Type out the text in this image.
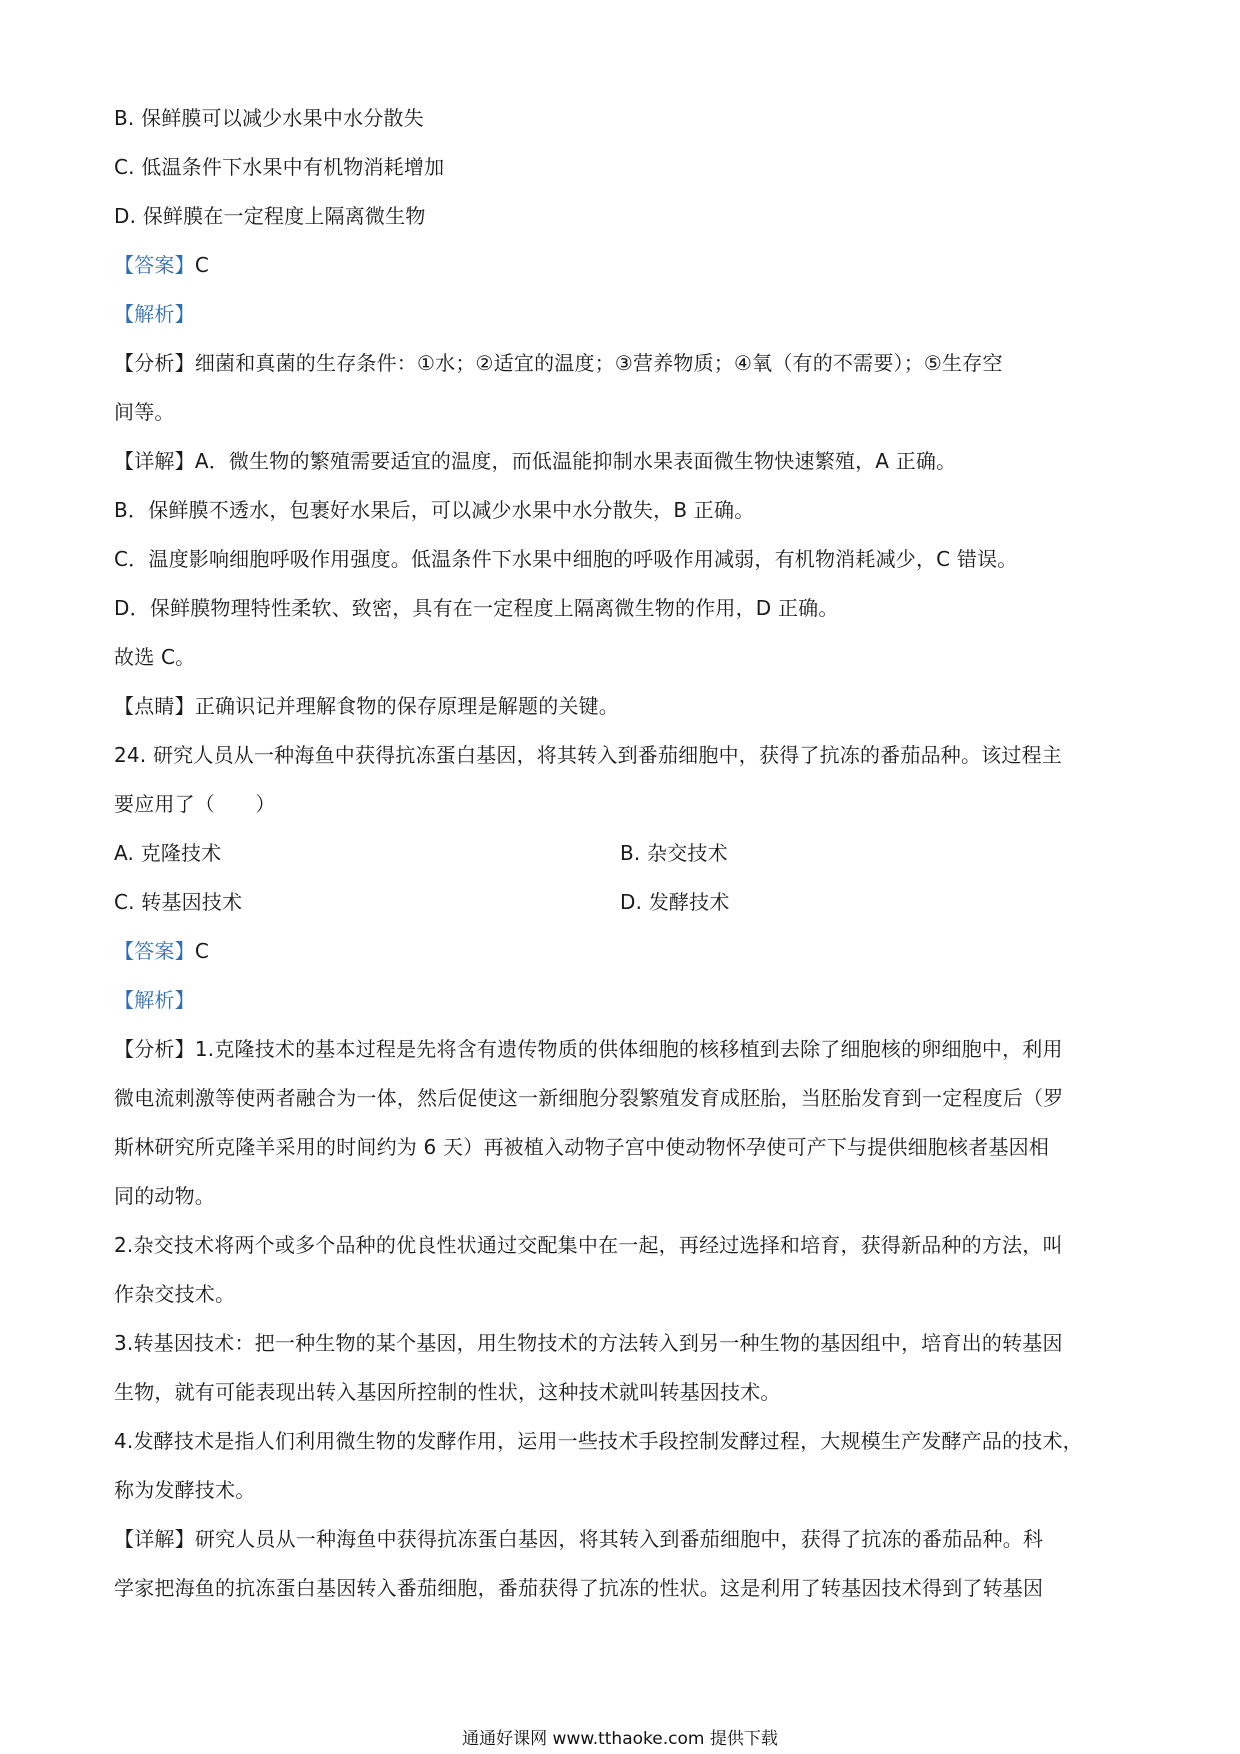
B. 保鲜膜可以减少水果中水分散失
C. 低温条件下水果中有机物消耗增加
D. 保鲜膜在一定程度上隔离微生物
【答案】C
【解析】
【分析】细菌和真菌的生存条件：①水；②适宜的温度；③营养物质；④氧（有的不需要）；⑤生存空
间等。
【详解】A．微生物的繁殖需要适宜的温度，而低温能抑制水果表面微生物快速繁殖，A 正确。
B．保鲜膜不透水，包裹好水果后，可以减少水果中水分散失，B 正确。
C．温度影响细胞呼吸作用强度。低温条件下水果中细胞的呼吸作用减弱，有机物消耗减少，C 错误。
D．保鲜膜物理特性柔软、致密，具有在一定程度上隔离微生物的作用，D 正确。
故选 C。
【点睛】正确识记并理解食物的保存原理是解题的关键。
24. 研究人员从一种海鱼中获得抗冻蛋白基因，将其转入到番茄细胞中，获得了抗冻的番茄品种。该过程主
要应用了（　　）
A. 克隆技术	B. 杂交技术
C. 转基因技术	D. 发酵技术
【答案】C
【解析】
【分析】1.克隆技术的基本过程是先将含有遗传物质的供体细胞的核移植到去除了细胞核的卵细胞中，利用
微电流刺激等使两者融合为一体，然后促使这一新细胞分裂繁殖发育成胚胎，当胚胎发育到一定程度后（罗
斯林研究所克隆羊采用的时间约为 6 天）再被植入动物子宫中使动物怀孕使可产下与提供细胞核者基因相
同的动物。
2.杂交技术将两个或多个品种的优良性状通过交配集中在一起，再经过选择和培育，获得新品种的方法，叫
作杂交技术。
3.转基因技术：把一种生物的某个基因，用生物技术的方法转入到另一种生物的基因组中，培育出的转基因
生物，就有可能表现出转入基因所控制的性状，这种技术就叫转基因技术。
4.发酵技术是指人们利用微生物的发酵作用，运用一些技术手段控制发酵过程，大规模生产发酵产品的技术，
称为发酵技术。
【详解】研究人员从一种海鱼中获得抗冻蛋白基因，将其转入到番茄细胞中，获得了抗冻的番茄品种。科
学家把海鱼的抗冻蛋白基因转入番茄细胞，番茄获得了抗冻的性状。这是利用了转基因技术得到了转基因
通通好课网 www.tthaoke.com 提供下载
